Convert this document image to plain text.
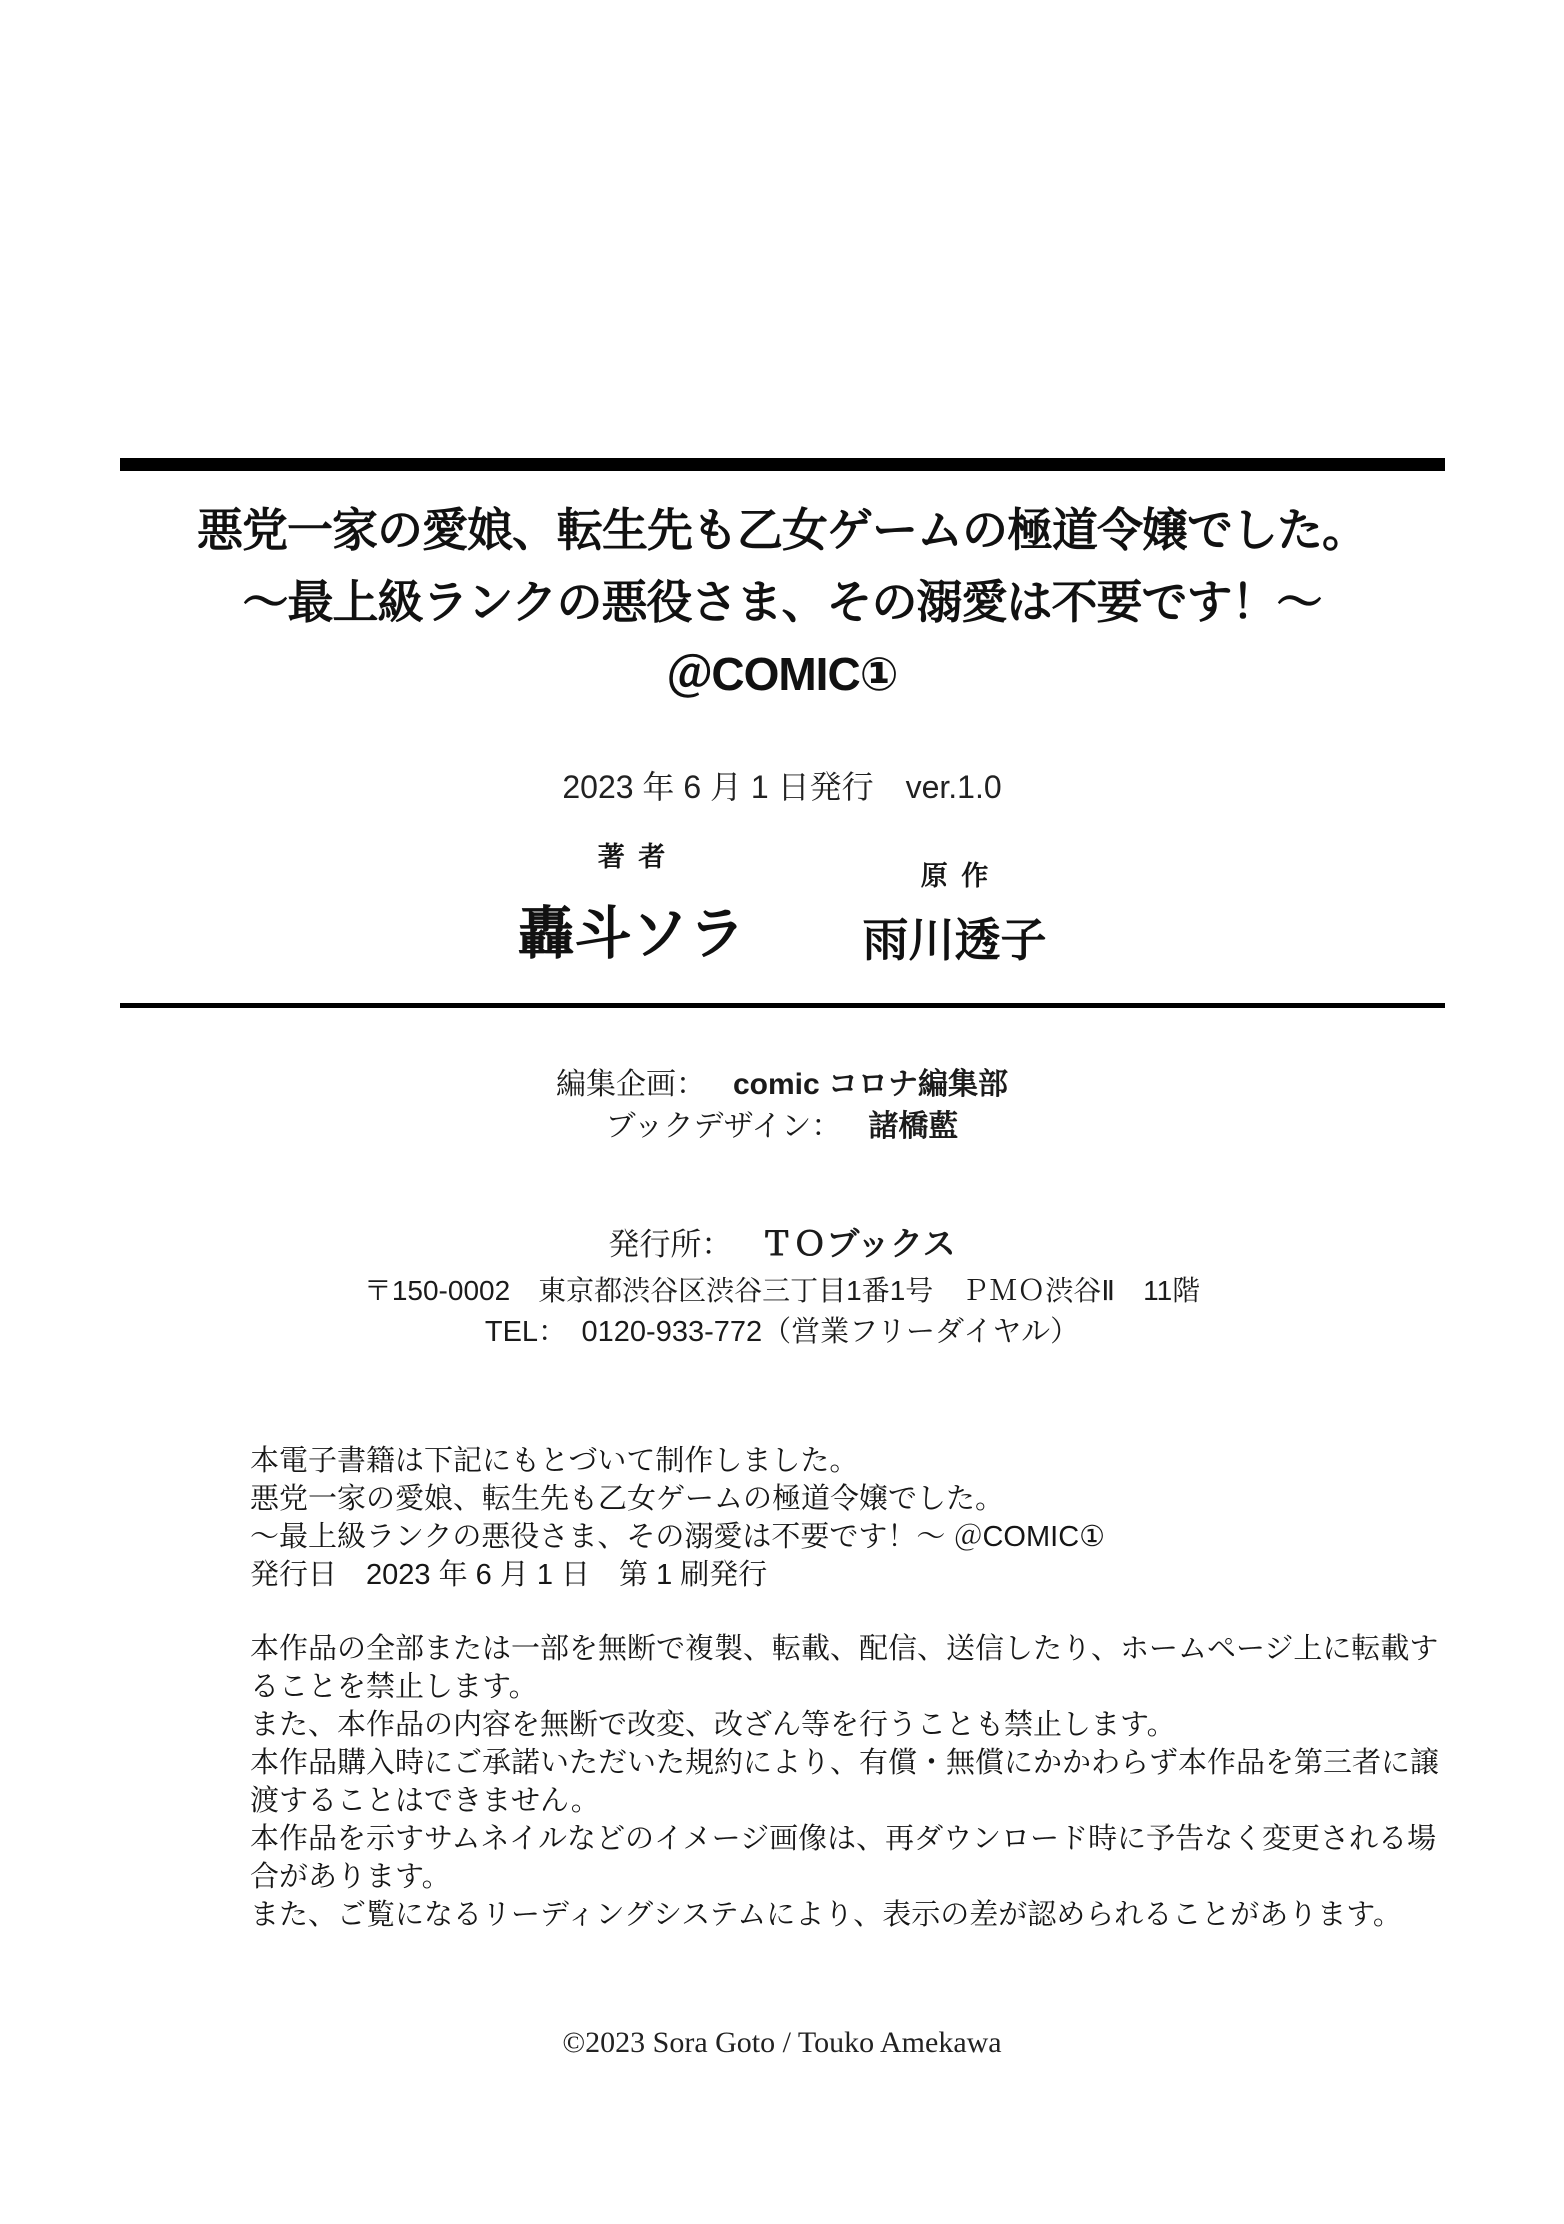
悪党一家の愛娘、転生先も乙女ゲームの極道令嬢でした。
～最上級ランクの悪役さま、その溺愛は不要です！～
＠COMIC①
2023 年 6 月 1 日発行　ver.1.0
著者
轟斗ソラ
原作
雨川透子
編集企画： comic コロナ編集部
ブックデザイン： 諸橋藍
発行所： ＴＯブックス
〒150-0002　東京都渋谷区渋谷三丁目1番1号　ＰＭＯ渋谷Ⅱ　11階
TEL：　0120-933-772（営業フリーダイヤル）
本電子書籍は下記にもとづいて制作しました。
悪党一家の愛娘、転生先も乙女ゲームの極道令嬢でした。
～最上級ランクの悪役さま、その溺愛は不要です！～ ＠COMIC①
発行日　2023 年 6 月 1 日　第 1 刷発行
本作品の全部または一部を無断で複製、転載、配信、送信したり、ホームページ上に転載す
ることを禁止します。
また、本作品の内容を無断で改変、改ざん等を行うことも禁止します。
本作品購入時にご承諾いただいた規約により、有償・無償にかかわらず本作品を第三者に譲
渡することはできません。
本作品を示すサムネイルなどのイメージ画像は、再ダウンロード時に予告なく変更される場
合があります。
また、ご覧になるリーディングシステムにより、表示の差が認められることがあります。
©2023 Sora Goto / Touko Amekawa
